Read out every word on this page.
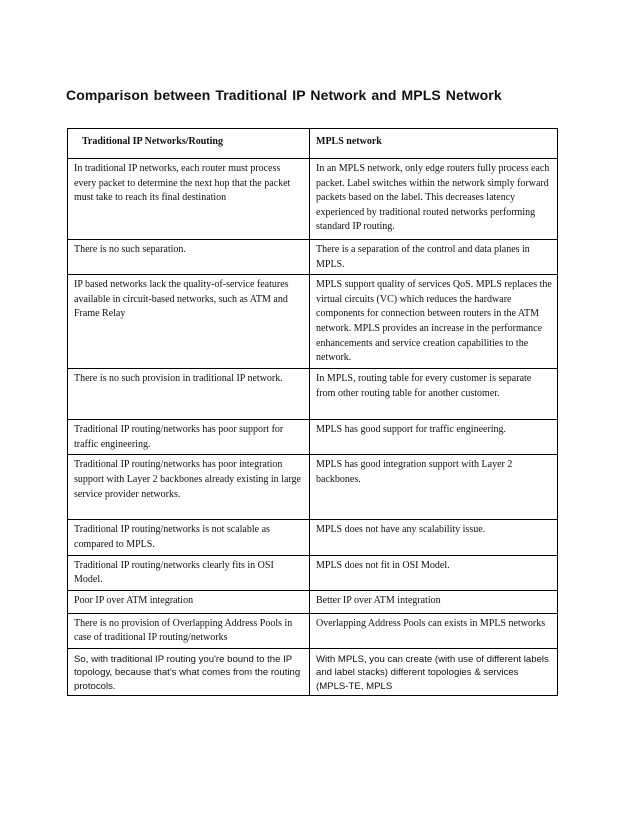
Comparison between Traditional IP Network and MPLS Network
Traditional IP Networks/Routing	MPLS network
In traditional IP networks, each router must process every packet to determine the next hop that the packet must take to reach its final destination	In an MPLS network, only edge routers fully process each packet. Label switches within the network simply forward packets based on the label. This decreases latency experienced by traditional routed networks performing standard IP routing.
There is no such separation.	There is a separation of the control and data planes in MPLS.
IP based networks lack the quality-of-service features available in circuit-based networks, such as ATM and Frame Relay	MPLS support quality of services QoS. MPLS replaces the virtual circuits (VC) which reduces the hardware components for connection between routers in the ATM network. MPLS provides an increase in the performance enhancements and service creation capabilities to the network.
There is no such provision in traditional IP network.	In MPLS, routing table for every customer is separate from other routing table for another customer.
Traditional IP routing/networks has poor support for traffic engineering.	MPLS has good support for traffic engineering.
Traditional IP routing/networks has poor integration support with Layer 2 backbones already existing in large service provider networks.	MPLS has good integration support with Layer 2 backbones.
Traditional IP routing/networks is not scalable as compared to MPLS.	MPLS does not have any scalability issue.
Traditional IP routing/networks clearly fits in OSI Model.	MPLS does not fit in OSI Model.
Poor IP over ATM integration	Better IP over ATM integration
There is no provision of Overlapping Address Pools in case of traditional IP routing/networks	Overlapping Address Pools can exists in MPLS networks
So, with traditional IP routing you're bound to the IP topology, because that's what comes from the routing protocols.	With MPLS, you can create (with use of different labels and label stacks) different topologies & services (MPLS-TE, MPLS
